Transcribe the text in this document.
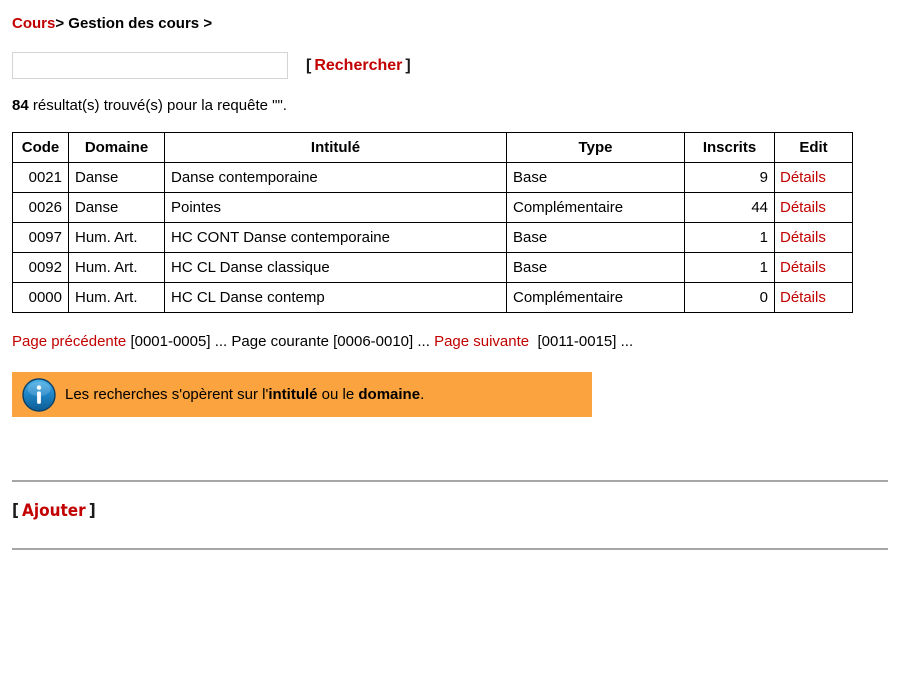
Cours> Gestion des cours >
[ Rechercher ]
84 résultat(s) trouvé(s) pour la requête "".
Code	Domaine	Intitulé	Type	Inscrits	Edit
0021	Danse	Danse contemporaine	Base	9	Détails
0026	Danse	Pointes	Complémentaire	44	Détails
0097	Hum. Art.	HC CONT Danse contemporaine	Base	1	Détails
0092	Hum. Art.	HC CL Danse classique	Base	1	Détails
0000	Hum. Art.	HC CL Danse contemp	Complémentaire	0	Détails
Page précédente [0001-0005] ... Page courante [0006-0010] ... Page suivante [0011-0015] ...
Les recherches s'opèrent sur l'intitulé ou le domaine.
[ Ajouter ]
